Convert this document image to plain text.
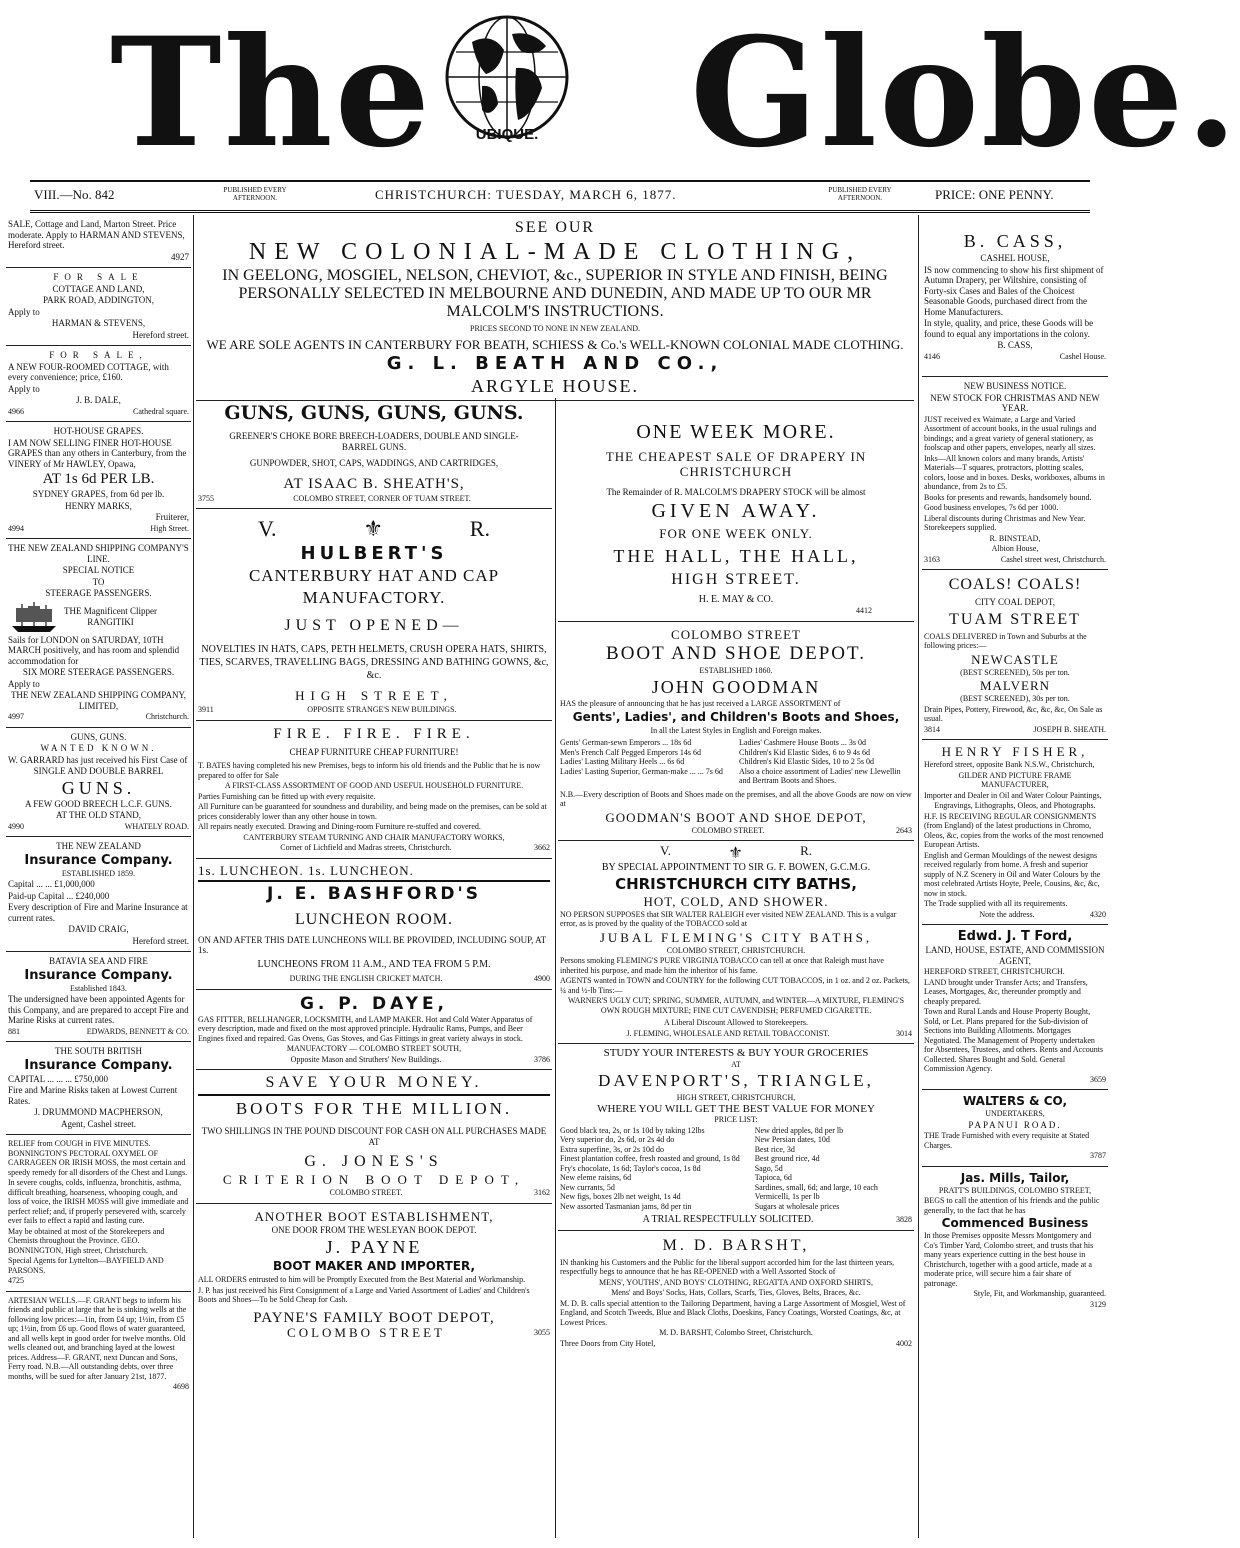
The	UBIQUE. Globe.
VIII.—No. 842	PUBLISHED EVERY AFTERNOON.	CHRISTCHURCH: TUESDAY, MARCH 6, 1877.	PUBLISHED EVERY AFTERNOON.	PRICE: ONE PENNY.

SALE, Cottage and Land, Marton Street. Price moderate. Apply to HARMAN AND STEVENS, Hereford street.

4927

FOR SALE

COTTAGE AND LAND,

PARK ROAD, ADDINGTON,

Apply to

HARMAN & STEVENS,

Hereford street.

FOR SALE,

A NEW FOUR-ROOMED COTTAGE, with every convenience; price, £160.

Apply to

J. B. DALE,

4966	Cathedral square.

HOT-HOUSE GRAPES.

I AM NOW SELLING FINER HOT-HOUSE GRAPES than any others in Canterbury, from the VINERY of Mr HAWLEY, Opawa,

AT 1s 6d PER LB.

SYDNEY GRAPES, from 6d per lb.

HENRY MARKS,

Fruiterer,

4994	High Street.

THE NEW ZEALAND SHIPPING COMPANY'S LINE.

SPECIAL NOTICE

TO

STEERAGE PASSENGERS.

THE Magnificent Clipper

RANGITIKI

Sails for LONDON on SATURDAY, 10TH MARCH positively, and has room and splendid accommodation for

SIX MORE STEERAGE PASSENGERS.

Apply to

THE NEW ZEALAND SHIPPING COMPANY, LIMITED,

4997	Christchurch.

GUNS, GUNS.

WANTED KNOWN.

W. GARRARD has just received his First Case of

SINGLE AND DOUBLE BARREL

GUNS.

A FEW GOOD BREECH L.C.F. GUNS.

AT THE OLD STAND,

4990	WHATELY ROAD.

THE NEW ZEALAND

Insurance Company.

ESTABLISHED 1859.

Capital ... ... £1,000,000

Paid-up Capital ... £240,000

Every description of Fire and Marine Insurance at current rates.

DAVID CRAIG,

Hereford street.

BATAVIA SEA AND FIRE

Insurance Company.

Established 1843.

The undersigned have been appointed Agents for this Company, and are prepared to accept Fire and Marine Risks at current rates.

881	EDWARDS, BENNETT & CO.

THE SOUTH BRITISH

Insurance Company.

CAPITAL ... ... ... £750,000

Fire and Marine Risks taken at Lowest Current Rates.

J. DRUMMOND MACPHERSON,

Agent, Cashel street.

RELIEF from COUGH in FIVE MINUTES. BONNINGTON'S PECTORAL OXYMEL OF CARRAGEEN OR IRISH MOSS, the most certain and speedy remedy for all disorders of the Chest and Lungs.

In severe coughs, colds, influenza, bronchitis, asthma, difficult breathing, hoarseness, whooping cough, and loss of voice, the IRISH MOSS will give immediate and perfect relief; and, if properly persevered with, scarcely ever fails to effect a rapid and lasting cure.

May be obtained at most of the Storekeepers and Chemists throughout the Province. GEO. BONNINGTON, High street, Christchurch.

Special Agents for Lyttelton—BAYFIELD AND PARSONS.

4725

ARTESIAN WELLS.—F. GRANT begs to inform his friends and public at large that he is sinking wells at the following low prices:—1in, from £4 up; 1½in, from £5 up; 1½in, from £6 up. Good flows of water guaranteed, and all wells kept in good order for twelve months. Old wells cleaned out, and branching layed at the lowest prices. Address—F. GRANT, next Duncan and Sons, Ferry road. N.B.—All outstanding debts, over three months, will be sued for after January 21st, 1877.

4698

SEE OUR

NEW COLONIAL-MADE CLOTHING,

IN GEELONG, MOSGIEL, NELSON, CHEVIOT, &c., SUPERIOR IN STYLE AND FINISH, BEING PERSONALLY SELECTED IN MELBOURNE AND DUNEDIN, AND MADE UP TO OUR MR MALCOLM'S INSTRUCTIONS.

PRICES SECOND TO NONE IN NEW ZEALAND.

WE ARE SOLE AGENTS IN CANTERBURY FOR BEATH, SCHIESS & Co.'s WELL-KNOWN COLONIAL MADE CLOTHING.

G. L. BEATH AND CO.,

ARGYLE HOUSE.

GUNS, GUNS, GUNS, GUNS.

GREENER'S CHOKE BORE BREECH-LOADERS, DOUBLE AND SINGLE-BARREL GUNS.

GUNPOWDER, SHOT, CAPS, WADDINGS, AND CARTRIDGES,

AT ISAAC B. SHEATH'S,

3755	COLOMBO STREET, CORNER OF TUAM STREET.
V.	⚜	R.

HULBERT'S

CANTERBURY HAT AND CAP MANUFACTORY.

JUST OPENED—

NOVELTIES IN HATS, CAPS, PETH HELMETS, CRUSH OPERA HATS, SHIRTS, TIES, SCARVES, TRAVELLING BAGS, DRESSING AND BATHING GOWNS, &c, &c.

HIGH STREET,

3911	OPPOSITE STRANGE'S NEW BUILDINGS.

FIRE. FIRE. FIRE.

CHEAP FURNITURE CHEAP FURNITURE!

T. BATES having completed his new Premises, begs to inform his old friends and the Public that he is now prepared to offer for Sale

A FIRST-CLASS ASSORTMENT OF GOOD AND USEFUL HOUSEHOLD FURNITURE.

Parties Furnishing can be fitted up with every requisite.

All Furniture can be guaranteed for soundness and durability, and being made on the premises, can be sold at prices considerably lower than any other house in town.

All repairs neatly executed. Drawing and Dining-room Furniture re-stuffed and covered.

CANTERBURY STEAM TURNING AND CHAIR MANUFACTORY WORKS,

Corner of Lichfield and Madras streets, Christchurch.	3662

1s. LUNCHEON. 1s. LUNCHEON.

J. E. BASHFORD'S

LUNCHEON ROOM.

ON AND AFTER THIS DATE LUNCHEONS WILL BE PROVIDED, INCLUDING SOUP, AT 1s.

LUNCHEONS FROM 11 A.M., AND TEA FROM 5 P.M.

DURING THE ENGLISH CRICKET MATCH.	4900

G. P. DAYE,

GAS FITTER, BELLHANGER, LOCKSMITH, and LAMP MAKER. Hot and Cold Water Apparatus of every description, made and fixed on the most approved principle. Hydraulic Rams, Pumps, and Beer Engines fixed and repaired. Gas Ovens, Gas Stoves, and Gas Fittings in great variety always in stock.

MANUFACTORY — COLOMBO STREET SOUTH,

Opposite Mason and Struthers' New Buildings.	3786

SAVE YOUR MONEY.

BOOTS FOR THE MILLION.

TWO SHILLINGS IN THE POUND DISCOUNT FOR CASH ON ALL PURCHASES MADE AT

G. JONES'S

CRITERION BOOT DEPOT,

COLOMBO STREET.	3162

ANOTHER BOOT ESTABLISHMENT,

ONE DOOR FROM THE WESLEYAN BOOK DEPOT.

J. PAYNE

BOOT MAKER AND IMPORTER,

ALL ORDERS entrusted to him will be Promptly Executed from the Best Material and Workmanship.

J. P. has just received his First Consignment of a Large and Varied Assortment of Ladies' and Children's Boots and Shoes—To be Sold Cheap for Cash.

PAYNE'S FAMILY BOOT DEPOT,

COLOMBO STREET	3055

ONE WEEK MORE.

THE CHEAPEST SALE OF DRAPERY IN CHRISTCHURCH

The Remainder of R. MALCOLM'S DRAPERY STOCK will be almost

GIVEN AWAY.

FOR ONE WEEK ONLY.

THE HALL, THE HALL,

HIGH STREET.

H. E. MAY & CO.

4412

COLOMBO STREET

BOOT AND SHOE DEPOT.

ESTABLISHED 1860.

JOHN GOODMAN

HAS the pleasure of announcing that he has just received a LARGE ASSORTMENT of

Gents', Ladies', and Children's Boots and Shoes,

In all the Latest Styles in English and Foreign makes.

Gents' German-sewn Emperors ... 18s 6d	Ladies' Cashmere House Boots ... 3s 0d
Men's French Calf Pegged Emperors 14s 6d	Children's Kid Elastic Sides, 6 to 9 4s 6d
Ladies' Lasting Military Heels ... 6s 6d	Children's Kid Elastic Sides, 10 to 2 5s 0d
Ladies' Lasting Superior, German-make ... ... 7s 6d	Also a choice assortment of Ladies' new Llewellin and Bertram Boots and Shoes.

N.B.—Every description of Boots and Shoes made on the premises, and all the above Goods are now on view at

GOODMAN'S BOOT AND SHOE DEPOT,

COLOMBO STREET.	2643
V.	⚜	R.

BY SPECIAL APPOINTMENT TO SIR G. F. BOWEN, G.C.M.G.

CHRISTCHURCH CITY BATHS,

HOT, COLD, AND SHOWER.

NO PERSON SUPPOSES that SIR WALTER RALEIGH ever visited NEW ZEALAND. This is a vulgar error, as is proved by the quality of the TOBACCO sold at

JUBAL FLEMING'S CITY BATHS,

COLOMBO STREET, CHRISTCHURCH.

Persons smoking FLEMING'S PURE VIRGINIA TOBACCO can tell at once that Raleigh must have inherited his purpose, and made him the inheritor of his fame.

AGENTS wanted in TOWN and COUNTRY for the following CUT TOBACCOS, in 1 oz. and 2 oz. Packets, ¼ and ½-lb Tins:—

WARNER'S UGLY CUT; SPRING, SUMMER, AUTUMN, and WINTER—A MIXTURE, FLEMING'S OWN ROUGH MIXTURE; FINE CUT CAVENDISH; PERFUMED CIGARETTE.

A Liberal Discount Allowed to Storekeepers.

J. FLEMING, WHOLESALE AND RETAIL TOBACCONIST.	3014

STUDY YOUR INTERESTS & BUY YOUR GROCERIES

AT

DAVENPORT'S, TRIANGLE,

HIGH STREET, CHRISTCHURCH,

WHERE YOU WILL GET THE BEST VALUE FOR MONEY

PRICE LIST:

Good black tea, 2s, or 1s 10d by taking 12lbs	New dried apples, 8d per lb
Very superior do, 2s 6d, or 2s 4d do	New Persian dates, 10d
Extra superfine, 3s, or 2s 10d do	Best rice, 3d
Finest plantation coffee, fresh roasted and ground, 1s 8d	Best ground rice, 4d
Fry's chocolate, 1s 6d; Taylor's cocoa, 1s 8d	Sago, 5d
New eleme raisins, 6d	Tapioca, 6d
New currants, 5d	Sardines, small, 6d; and large, 10 each
New figs, boxes 2lb net weight, 1s 4d	Vermicelli, 1s per lb
New assorted Tasmanian jams, 8d per tin	Sugars at wholesale prices
A TRIAL RESPECTFULLY SOLICITED.	3828

M. D. BARSHT,

IN thanking his Customers and the Public for the liberal support accorded him for the last thirteen years, respectfully begs to announce that he has RE-OPENED with a Well Assorted Stock of

MENS', YOUTHS', AND BOYS' CLOTHING, REGATTA AND OXFORD SHIRTS,

Mens' and Boys' Socks, Hats, Collars, Scarfs, Ties, Gloves, Belts, Braces, &c.

M. D. B. calls special attention to the Tailoring Department, having a Large Assortment of Mosgiel, West of England, and Scotch Tweeds, Blue and Black Cloths, Doeskins, Fancy Coatings, Worsted Coatings, &c, at Lowest Prices.

M. D. BARSHT, Colombo Street, Christchurch.

Three Doors from City Hotel,	4002

B. CASS,

CASHEL HOUSE,

IS now commencing to show his first shipment of Autumn Drapery, per Wiltshire, consisting of Forty-six Cases and Bales of the Choicest Seasonable Goods, purchased direct from the Home Manufacturers.

In style, quality, and price, these Goods will be found to equal any importations in the colony.

B. CASS,

4146	Cashel House.

NEW BUSINESS NOTICE.

NEW STOCK FOR CHRISTMAS AND NEW YEAR.

JUST received ex Waimate, a Large and Varied Assortment of account books, in the usual rulings and bindings; and a great variety of general stationery, as foolscap and other papers, envelopes, nearly all sizes.

Inks—All known colors and many brands, Artists' Materials—T squares, protractors, plotting scales, colors, loose and in boxes. Desks, workboxes, albums in abundance, from 2s to £5.

Books for presents and rewards, handsomely bound.

Good business envelopes, 7s 6d per 1000.

Liberal discounts during Christmas and New Year. Storekeepers supplied.

R. BINSTEAD,

Albion House,

3163	Cashel street west, Christchurch.

COALS! COALS!

CITY COAL DEPOT,

TUAM STREET

COALS DELIVERED in Town and Suburbs at the following prices:—

NEWCASTLE

(BEST SCREENED), 50s per ton.

MALVERN

(BEST SCREENED), 30s per ton.

Drain Pipes, Pottery, Firewood, &c, &c, &c, On Sale as usual.

3814	JOSEPH B. SHEATH.

HENRY FISHER,

Hereford street, opposite Bank N.S.W., Christchurch,

GILDER AND PICTURE FRAME MANUFACTURER,

Importer and Dealer in Oil and Water Colour Paintings,

Engravings, Lithographs, Oleos, and Photographs.

H.F. IS RECEIVING REGULAR CONSIGNMENTS (from England) of the latest productions in Chromo, Oleos, &c, copies from the works of the most renowned European Artists.

English and German Mouldings of the newest designs received regularly from home. A fresh and superior supply of N.Z Scenery in Oil and Water Colours by the most celebrated Artists Hoyte, Peele, Cousins, &c, &c, now in stock.

The Trade supplied with all its requirements.

Note the address.	4320

Edwd. J. T Ford,

LAND, HOUSE, ESTATE, AND COMMISSION AGENT,

HEREFORD STREET, CHRISTCHURCH.

LAND brought under Transfer Acts; and Transfers, Leases, Mortgages, &c, thereunder promptly and cheaply prepared.

Town and Rural Lands and House Property Bought, Sold, or Let. Plans prepared for the Sub-division of Sections into Building Allotments. Mortgages Negotiated. The Management of Property undertaken for Absentees, Trustees, and others. Rents and Accounts Collected. Shares Bought and Sold. General Commission Agency.

3659

WALTERS & CO,

UNDERTAKERS,

PAPANUI ROAD.

THE Trade Furnished with every requisite at Stated Charges.

3787

Jas. Mills, Tailor,

PRATT'S BUILDINGS, COLOMBO STREET,

BEGS to call the attention of his friends and the public generally, to the fact that he has

Commenced Business

In those Premises opposite Messrs Montgomery and Co's Timber Yard, Colombo street, and trusts that his many years experience cutting in the best house in Christchurch, together with a good article, made at a moderate price, will secure him a fair share of patronage.

Style, Fit, and Workmanship, guaranteed.

3129
